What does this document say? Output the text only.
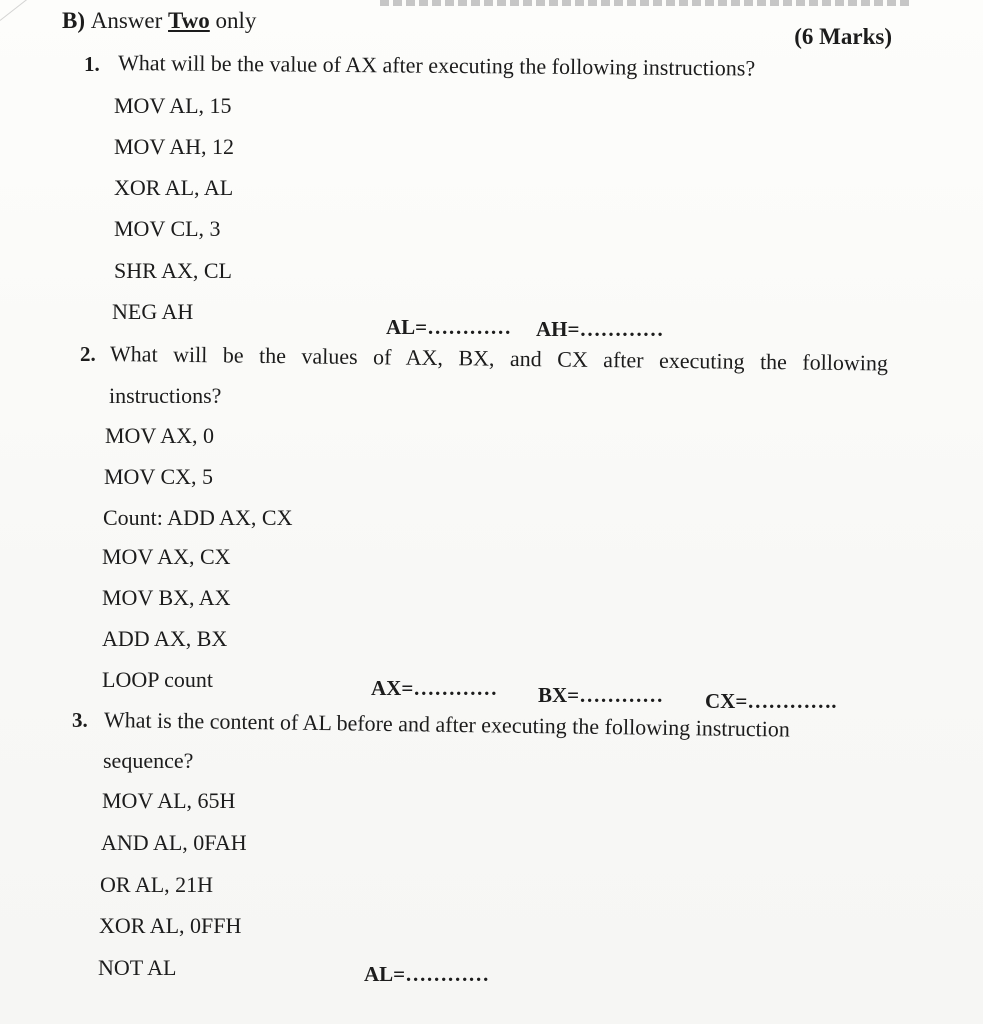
B) Answer Two only
(6 Marks)
1. What will be the value of AX after executing the following instructions?
MOV AL, 15
MOV AH, 12
XOR AL, AL
MOV CL, 3
SHR AX, CL
NEG AH
AL=………… AH=…………
2. What will be the values of AX, BX, and CX after executing the following
instructions?
MOV AX, 0
MOV CX, 5
Count: ADD AX, CX
MOV AX, CX
MOV BX, AX
ADD AX, BX
LOOP count	AX=………… BX=………… CX=………….
3. What is the content of AL before and after executing the following instruction
sequence?
MOV AL, 65H
AND AL, 0FAH
OR AL, 21H
XOR AL, 0FFH
NOT AL	AL=…………
